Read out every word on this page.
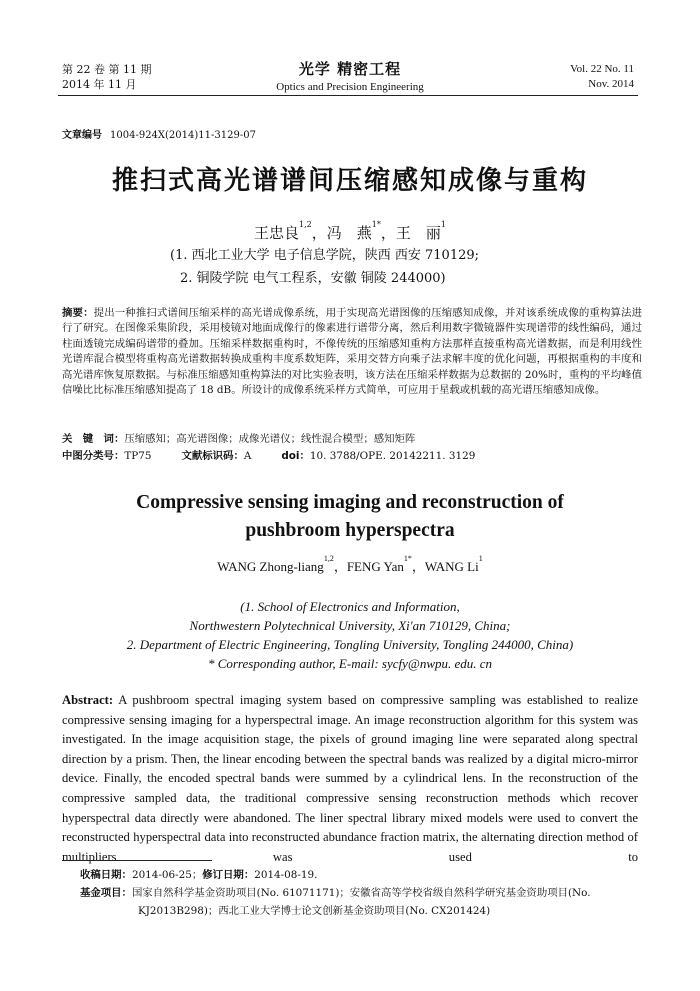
第 22 卷 第 11 期
2014 年 11 月
光学 精密工程
Optics and Precision Engineering
Vol. 22 No. 11
Nov. 2014
文章编号 1004-924X(2014)11-3129-07
推扫式高光谱谱间压缩感知成像与重构
王忠良$^{1,2}$，冯　燕$^{1*}$，王　丽$^1$
(1. 西北工业大学 电子信息学院，陕西 西安 710129;
2. 铜陵学院 电气工程系，安徽 铜陵 244000)
摘要：提出一种推扫式谱间压缩采样的高光谱成像系统，用于实现高光谱图像的压缩感知成像，并对该系统成像的重构算法进行了研究。在图像采集阶段，采用棱镜对地面成像行的像素进行谱带分离，然后利用数字微镜器件实现谱带的线性编码，通过柱面透镜完成编码谱带的叠加。压缩采样数据重构时，不像传统的压缩感知重构方法那样直接重构高光谱数据，而是利用线性光谱库混合模型将重构高光谱数据转换成重构丰度系数矩阵，采用交替方向乘子法求解丰度的优化问题，再根据重构的丰度和高光谱库恢复原数据。与标准压缩感知重构算法的对比实验表明，该方法在压缩采样数据为总数据的 20%时，重构的平均峰值信噪比比标准压缩感知提高了 18 dB。所设计的成像系统采样方式简单，可应用于星载或机载的高光谱压缩感知成像。
关　键　词：压缩感知；高光谱图像；成像光谱仪；线性混合模型；感知矩阵
中图分类号：TP75	文献标识码：A	doi：10. 3788/OPE. 20142211. 3129
Compressive sensing imaging and reconstruction of
pushbroom hyperspectra
WANG Zhong-liang$^{1,2}$，FENG Yan$^{1*}$，WANG Li$^1$
(1. School of Electronics and Information,
Northwestern Polytechnical University, Xi'an 710129, China;
2. Department of Electric Engineering, Tongling University, Tongling 244000, China)
* Corresponding author, E-mail: sycfy@nwpu. edu. cn
Abstract: A pushbroom spectral imaging system based on compressive sampling was established to realize compressive sensing imaging for a hyperspectral image. An image reconstruction algorithm for this system was investigated. In the image acquisition stage, the pixels of ground imaging line were separated along spectral direction by a prism. Then, the linear encoding between the spectral bands was realized by a digital micro-mirror device. Finally, the encoded spectral bands were summed by a cylindrical lens. In the reconstruction of the compressive sampled data, the traditional compressive sensing reconstruction methods which recover hyperspectral data directly were abandoned. The liner spectral library mixed models were used to convert the reconstructed hyperspectral data into reconstructed abundance fraction matrix, the alternating direction method of multipliers was used to
收稿日期：2014-06-25；修订日期：2014-08-19.
基金项目：国家自然科学基金资助项目(No. 61071171)；安徽省高等学校省级自然科学研究基金资助项目(No.
KJ2013B298)；西北工业大学博士论文创新基金资助项目(No. CX201424)
